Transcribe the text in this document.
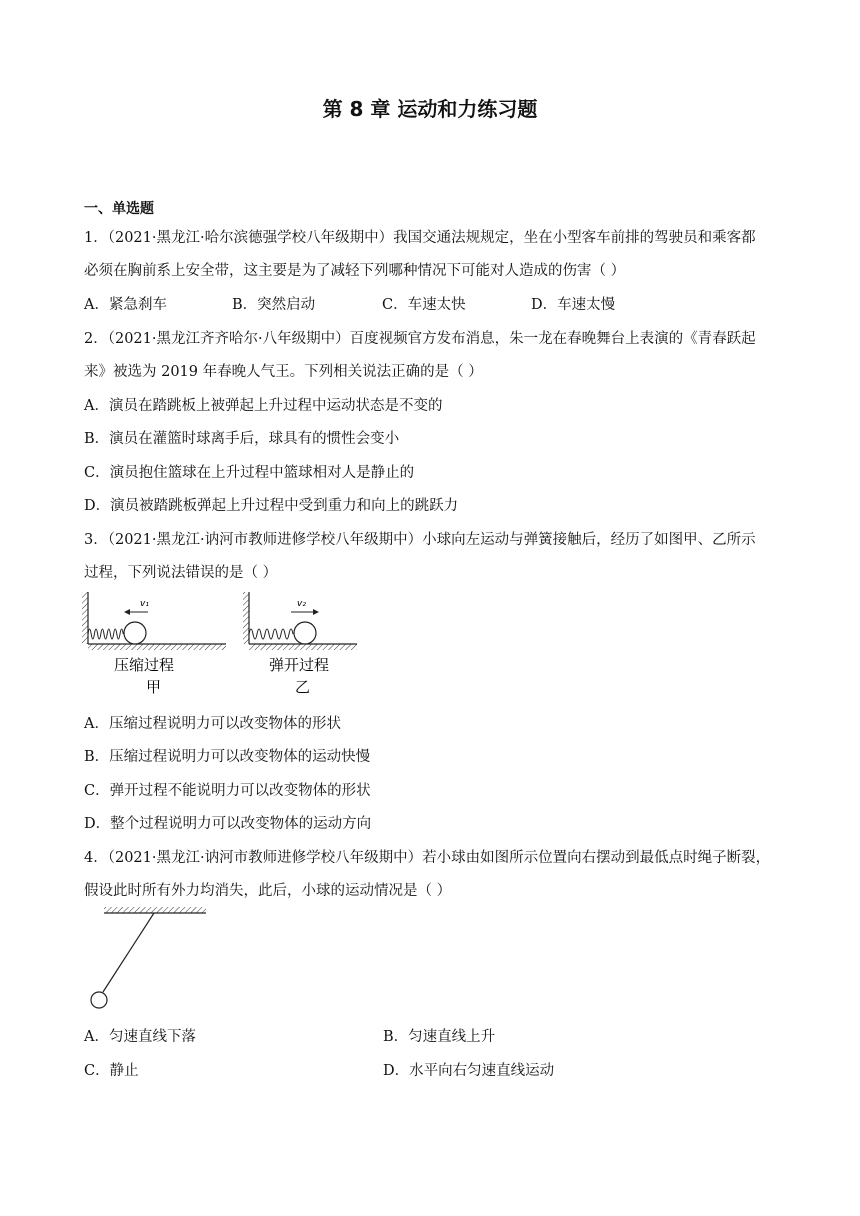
第 8 章 运动和力练习题
一、单选题
1．（2021·黑龙江·哈尔滨德强学校八年级期中）我国交通法规规定，坐在小型客车前排的驾驶员和乘客都
必须在胸前系上安全带，这主要是为了减轻下列哪种情况下可能对人造成的伤害（ ）
A．紧急刹车	B．突然启动	C．车速太快	D．车速太慢
2．（2021·黑龙江齐齐哈尔·八年级期中）百度视频官方发布消息，朱一龙在春晚舞台上表演的《青春跃起
来》被选为 2019 年春晚人气王。下列相关说法正确的是（ ）
A．演员在踏跳板上被弹起上升过程中运动状态是不变的
B．演员在灌篮时球离手后，球具有的惯性会变小
C．演员抱住篮球在上升过程中篮球相对人是静止的
D．演员被踏跳板弹起上升过程中受到重力和向上的跳跃力
3．（2021·黑龙江·讷河市教师进修学校八年级期中）小球向左运动与弹簧接触后，经历了如图甲、乙所示
过程，下列说法错误的是（ ）
v₁
压缩过程
甲
v₂
弹开过程
乙
A．压缩过程说明力可以改变物体的形状
B．压缩过程说明力可以改变物体的运动快慢
C．弹开过程不能说明力可以改变物体的形状
D．整个过程说明力可以改变物体的运动方向
4．（2021·黑龙江·讷河市教师进修学校八年级期中）若小球由如图所示位置向右摆动到最低点时绳子断裂，
假设此时所有外力均消失，此后，小球的运动情况是（ ）
A．匀速直线下落	B．匀速直线上升
C．静止	D．水平向右匀速直线运动
